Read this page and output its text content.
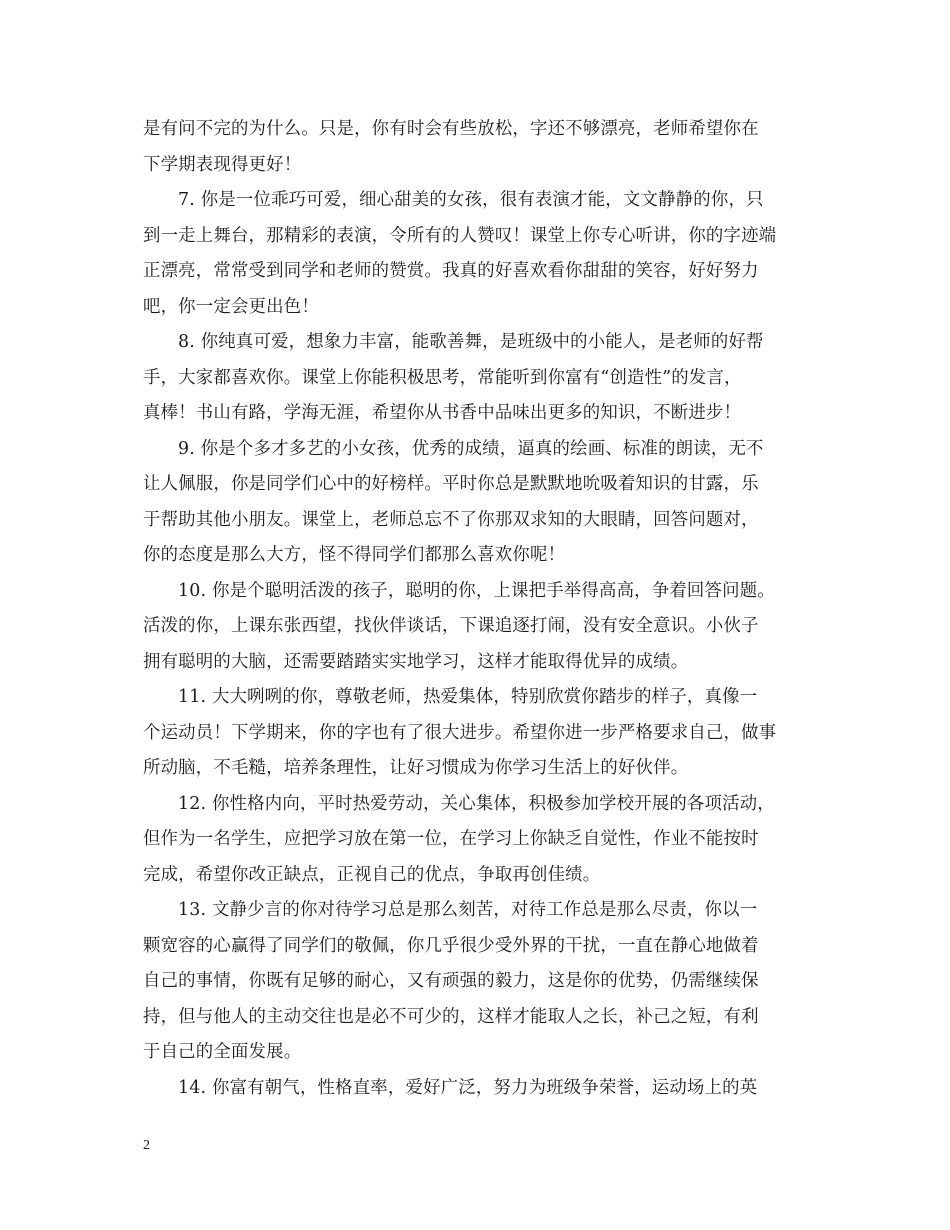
是有问不完的为什么。只是，你有时会有些放松，字还不够漂亮，老师希望你在
下学期表现得更好！
7. 你是一位乖巧可爱，细心甜美的女孩，很有表演才能，文文静静的你，只
到一走上舞台，那精彩的表演，令所有的人赞叹！课堂上你专心听讲，你的字迹端
正漂亮，常常受到同学和老师的赞赏。我真的好喜欢看你甜甜的笑容，好好努力
吧，你一定会更出色！
8. 你纯真可爱，想象力丰富，能歌善舞，是班级中的小能人，是老师的好帮
手，大家都喜欢你。课堂上你能积极思考，常能听到你富有“创造性”的发言，
真棒！书山有路，学海无涯，希望你从书香中品味出更多的知识，不断进步！
9. 你是个多才多艺的小女孩，优秀的成绩，逼真的绘画、标准的朗读，无不
让人佩服，你是同学们心中的好榜样。平时你总是默默地吮吸着知识的甘露，乐
于帮助其他小朋友。课堂上，老师总忘不了你那双求知的大眼睛，回答问题对，
你的态度是那么大方，怪不得同学们都那么喜欢你呢！
10. 你是个聪明活泼的孩子，聪明的你，上课把手举得高高，争着回答问题。
活泼的你，上课东张西望，找伙伴谈话，下课追逐打闹，没有安全意识。小伙子
拥有聪明的大脑，还需要踏踏实实地学习，这样才能取得优异的成绩。
11. 大大咧咧的你，尊敬老师，热爱集体，特别欣赏你踏步的样子，真像一
个运动员！下学期来，你的字也有了很大进步。希望你进一步严格要求自己，做事
所动脑，不毛糙，培养条理性，让好习惯成为你学习生活上的好伙伴。
12. 你性格内向，平时热爱劳动，关心集体，积极参加学校开展的各项活动，
但作为一名学生，应把学习放在第一位，在学习上你缺乏自觉性，作业不能按时
完成，希望你改正缺点，正视自己的优点，争取再创佳绩。
13. 文静少言的你对待学习总是那么刻苦，对待工作总是那么尽责，你以一
颗宽容的心赢得了同学们的敬佩，你几乎很少受外界的干扰，一直在静心地做着
自己的事情，你既有足够的耐心，又有顽强的毅力，这是你的优势，仍需继续保
持，但与他人的主动交往也是必不可少的，这样才能取人之长，补己之短，有利
于自己的全面发展。
14. 你富有朝气，性格直率，爱好广泛，努力为班级争荣誉，运动场上的英
2
